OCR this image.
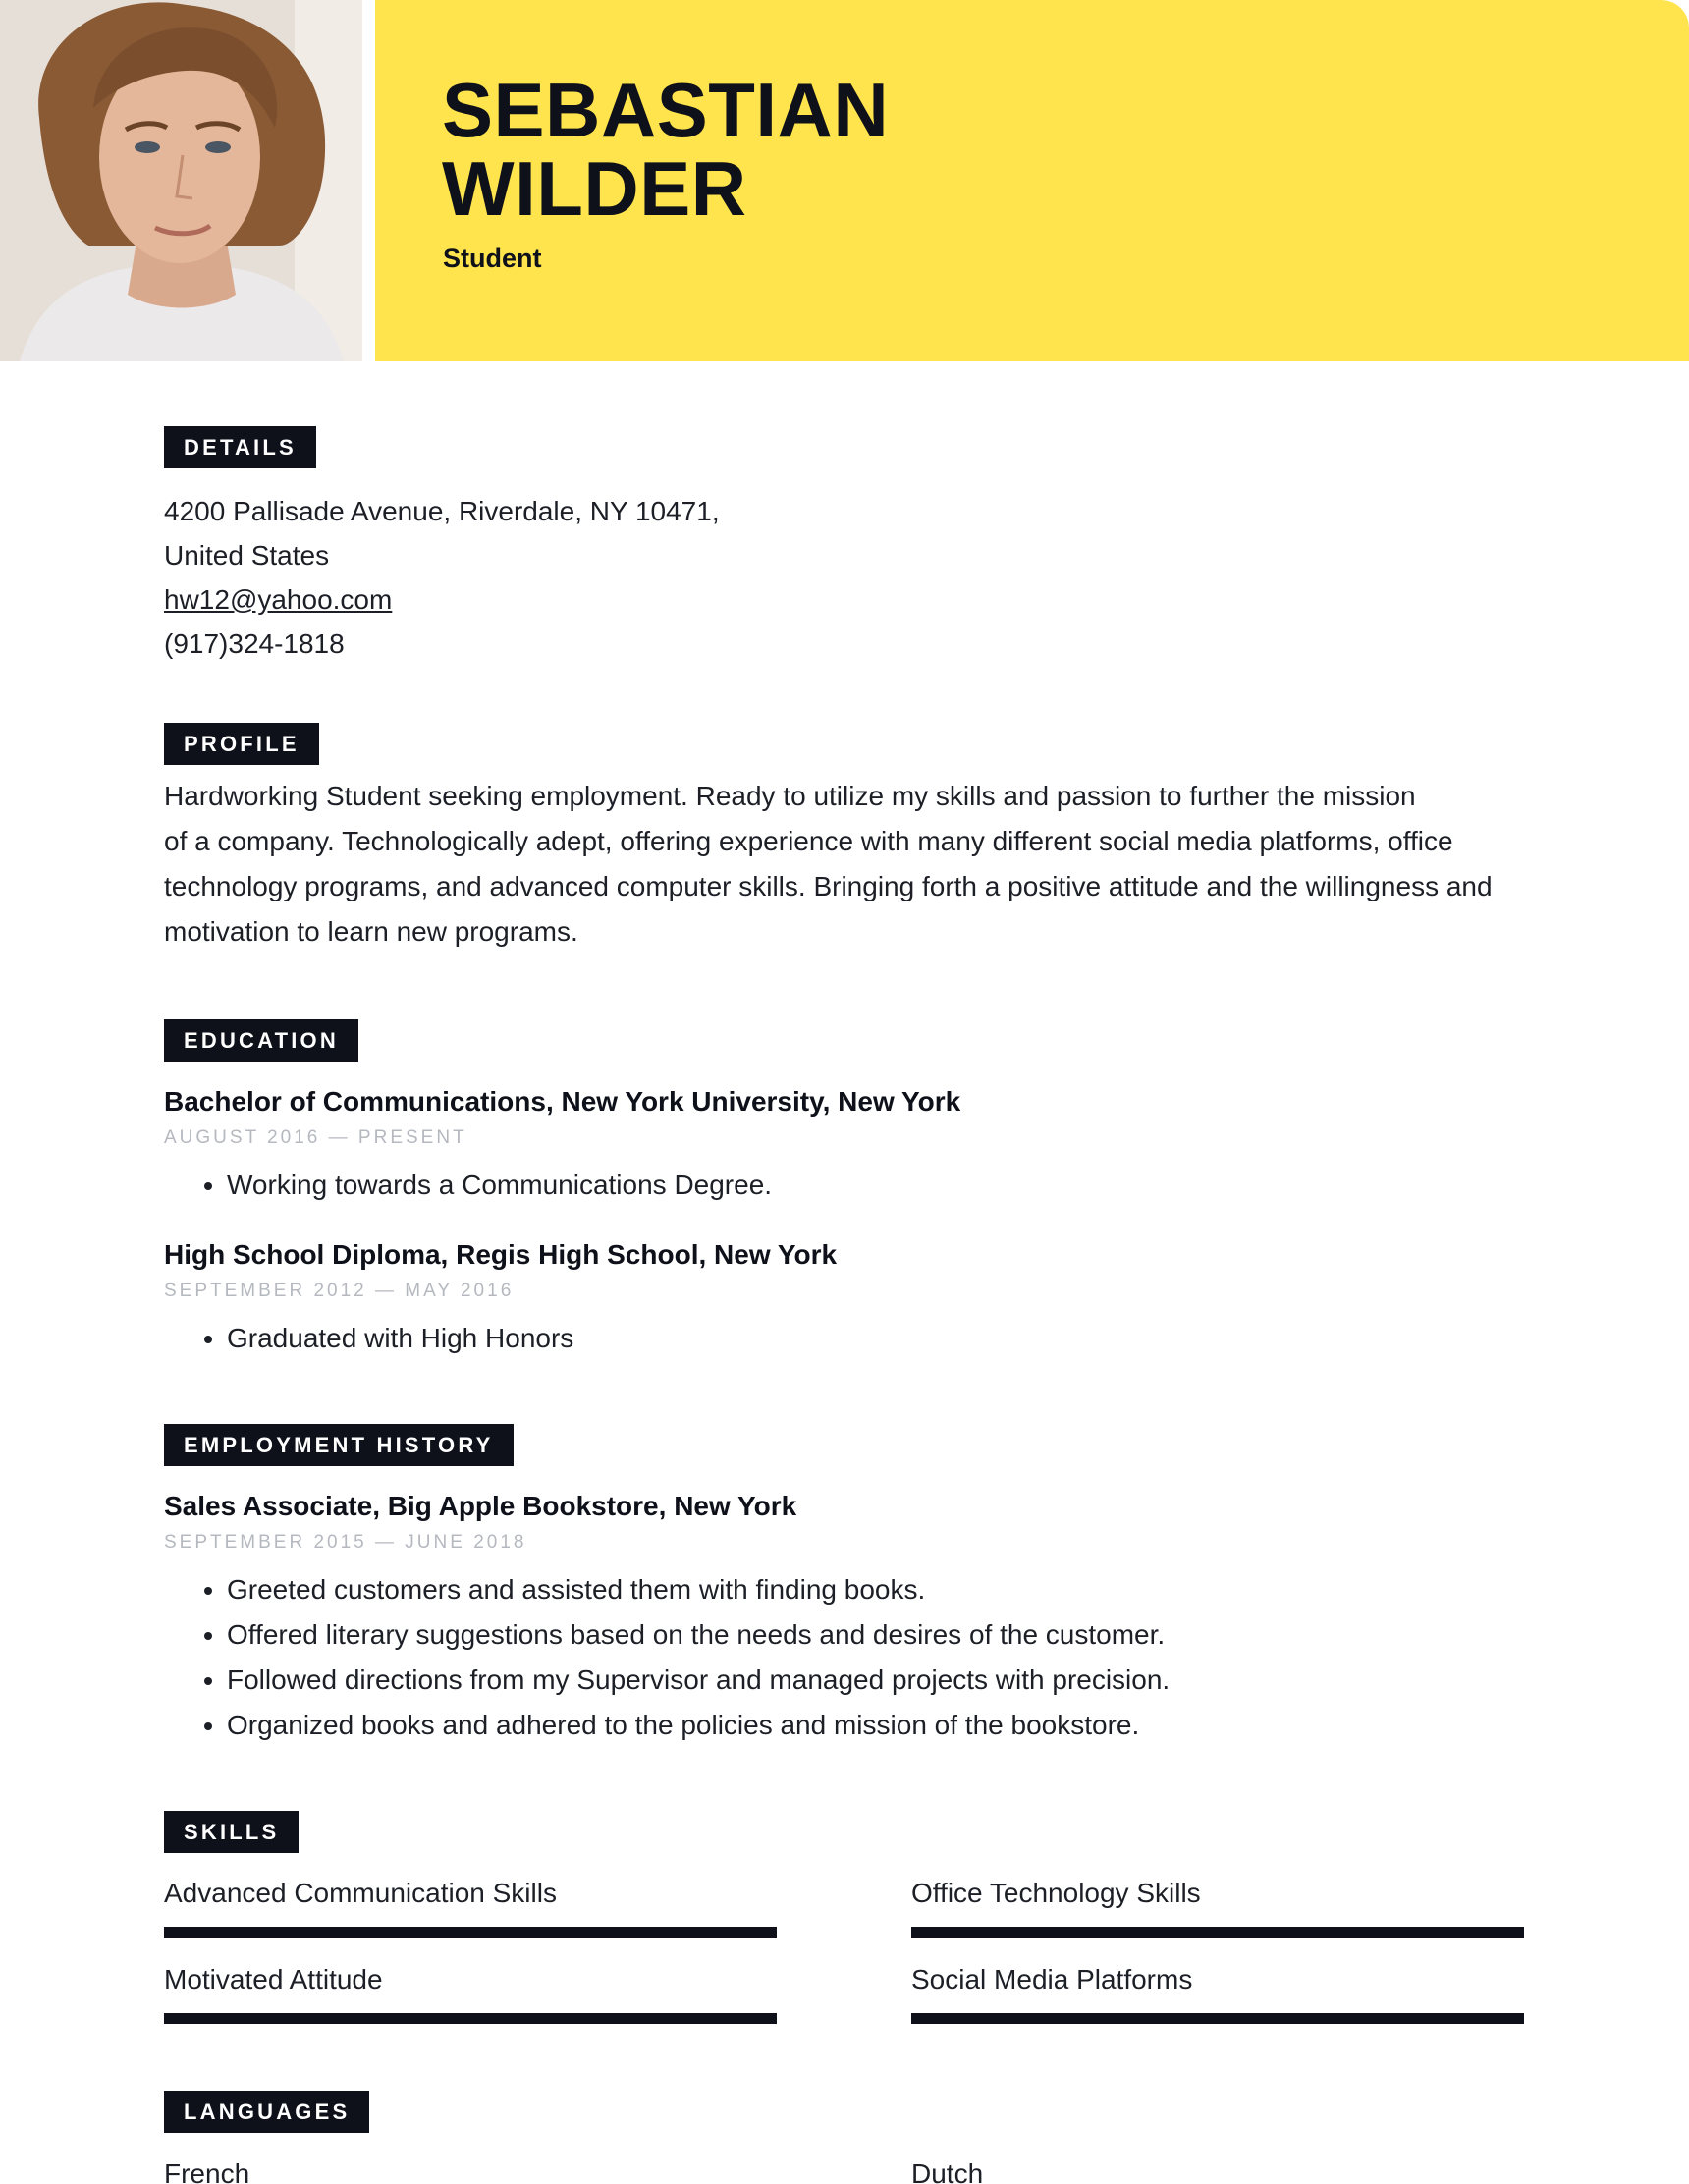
SEBASTIAN
WILDER

Student

DETAILS
4200 Pallisade Avenue, Riverdale, NY 10471,
United States
hw12@yahoo.com
(917)324-1818
PROFILE
Hardworking Student seeking employment. Ready to utilize my skills and passion to further the mission
of a company. Technologically adept, offering experience with many different social media platforms, office
technology programs, and advanced computer skills. Bringing forth a positive attitude and the willingness and
motivation to learn new programs.
EDUCATION

Bachelor of Communications, New York University, New York

AUGUST 2016 — PRESENT

• Working towards a Communications Degree.

High School Diploma, Regis High School, New York

SEPTEMBER 2012 — MAY 2016

• Graduated with High Honors
EMPLOYMENT HISTORY

Sales Associate, Big Apple Bookstore, New York

SEPTEMBER 2015 — JUNE 2018

• Greeted customers and assisted them with finding books.
• Offered literary suggestions based on the needs and desires of the customer.
• Followed directions from my Supervisor and managed projects with precision.
• Organized books and adhered to the policies and mission of the bookstore.
SKILLS
Advanced Communication Skills	Office Technology Skills
Motivated Attitude	Social Media Platforms
LANGUAGES
French	Dutch
